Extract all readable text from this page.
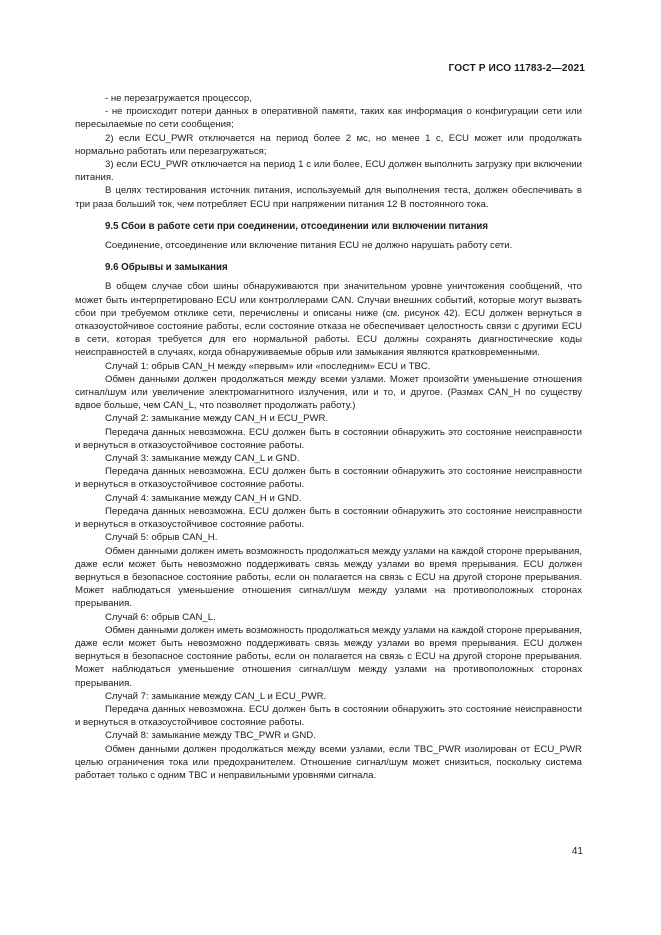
ГОСТ Р ИСО 11783-2—2021

- не перезагружается процессор,

- не происходит потери данных в оперативной памяти, таких как информация о конфигурации сети или пересылаемые по сети сообщения;

2) если ECU_PWR отключается на период более 2 мс, но менее 1 с, ECU может или продолжать нормально работать или перезагружаться;

3) если ECU_PWR отключается на период 1 с или более, ECU должен выполнить загрузку при включении питания.

В целях тестирования источник питания, используемый для выполнения теста, должен обеспечивать в три раза больший ток, чем потребляет ECU при напряжении питания 12 В постоянного тока.

9.5 Сбои в работе сети при соединении, отсоединении или включении питания

Соединение, отсоединение или включение питания ECU не должно нарушать работу сети.

9.6 Обрывы и замыкания

В общем случае сбои шины обнаруживаются при значительном уровне уничтожения сообщений, что может быть интерпретировано ECU или контроллерами CAN. Случаи внешних событий, которые могут вызвать сбои при требуемом отклике сети, перечислены и описаны ниже (см. рисунок 42). ECU должен вернуться в отказоустойчивое состояние работы, если состояние отказа не обеспечивает целостность связи с другими ECU в сети, которая требуется для его нормальной работы. ECU должны сохранять диагностические коды неисправностей в случаях, когда обнаруживаемые обрыв или замыкания являются кратковременными.

Случай 1: обрыв CAN_H между «первым» или «последним» ECU и TBC.

Обмен данными должен продолжаться между всеми узлами. Может произойти уменьшение отношения сигнал/шум или увеличение электромагнитного излучения, или и то, и другое. (Размах CAN_H по существу вдвое больше, чем CAN_L, что позволяет продолжать работу.)

Случай 2: замыкание между CAN_H и ECU_PWR.

Передача данных невозможна. ECU должен быть в состоянии обнаружить это состояние неисправности и вернуться в отказоустойчивое состояние работы.

Случай 3: замыкание между CAN_L и GND.

Передача данных невозможна. ECU должен быть в состоянии обнаружить это состояние неисправности и вернуться в отказоустойчивое состояние работы.

Случай 4: замыкание между CAN_H и GND.

Передача данных невозможна. ECU должен быть в состоянии обнаружить это состояние неисправности и вернуться в отказоустойчивое состояние работы.

Случай 5: обрыв CAN_H.

Обмен данными должен иметь возможность продолжаться между узлами на каждой стороне прерывания, даже если может быть невозможно поддерживать связь между узлами во время прерывания. ECU должен вернуться в безопасное состояние работы, если он полагается на связь с ECU на другой стороне прерывания. Может наблюдаться уменьшение отношения сигнал/шум между узлами на противоположных сторонах прерывания.

Случай 6: обрыв CAN_L.

Обмен данными должен иметь возможность продолжаться между узлами на каждой стороне прерывания, даже если может быть невозможно поддерживать связь между узлами во время прерывания. ECU должен вернуться в безопасное состояние работы, если он полагается на связь с ECU на другой стороне прерывания. Может наблюдаться уменьшение отношения сигнал/шум между узлами на противоположных сторонах прерывания.

Случай 7: замыкание между CAN_L и ECU_PWR.

Передача данных невозможна. ECU должен быть в состоянии обнаружить это состояние неисправности и вернуться в отказоустойчивое состояние работы.

Случай 8: замыкание между TBC_PWR и GND.

Обмен данными должен продолжаться между всеми узлами, если TBC_PWR изолирован от ECU_PWR целью ограничения тока или предохранителем. Отношение сигнал/шум может снизиться, поскольку система работает только с одним TBC и неправильными уровнями сигнала.

41
